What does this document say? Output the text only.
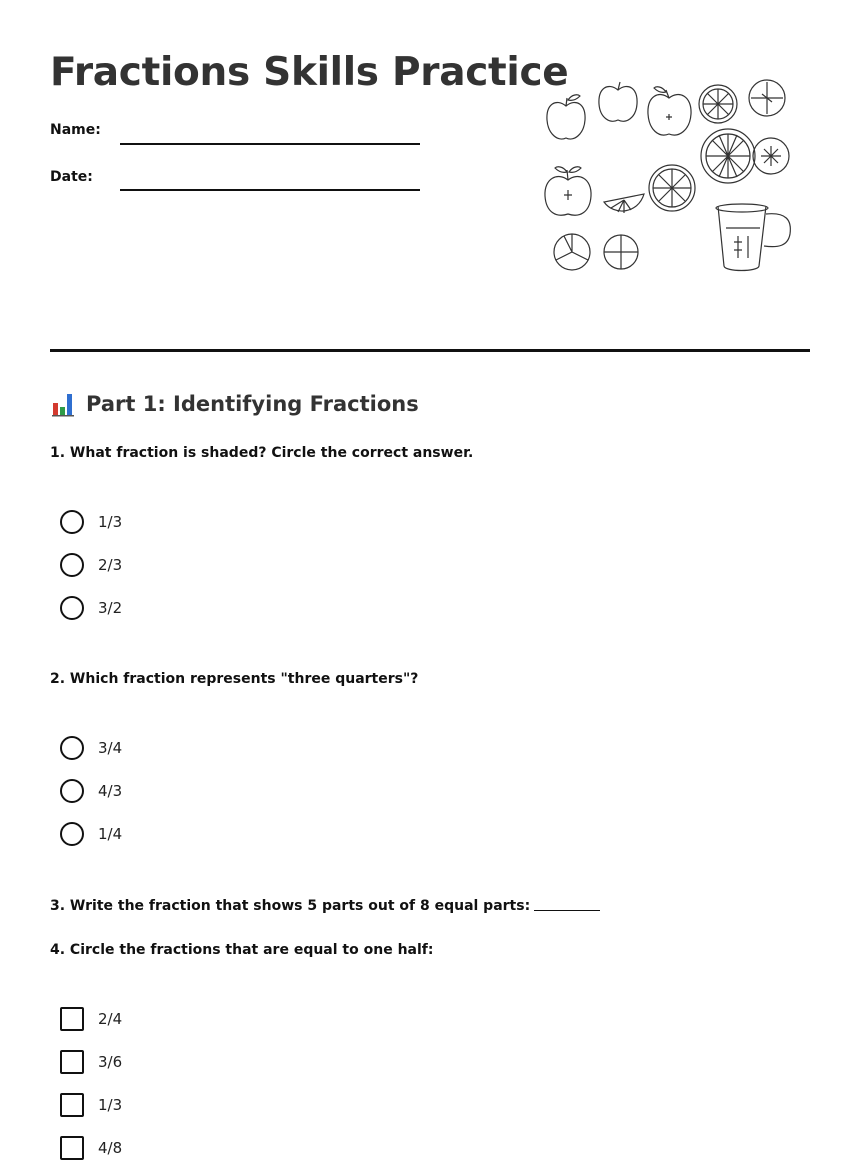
Fractions Skills Practice
Name:
Date:
Part 1: Identifying Fractions
1. What fraction is shaded? Circle the correct answer.
1/3
2/3
3/2
2. Which fraction represents "three quarters"?
3/4
4/3
1/4
3. Write the fraction that shows 5 parts out of 8 equal parts:
4. Circle the fractions that are equal to one half:
2/4
3/6
1/3
4/8
